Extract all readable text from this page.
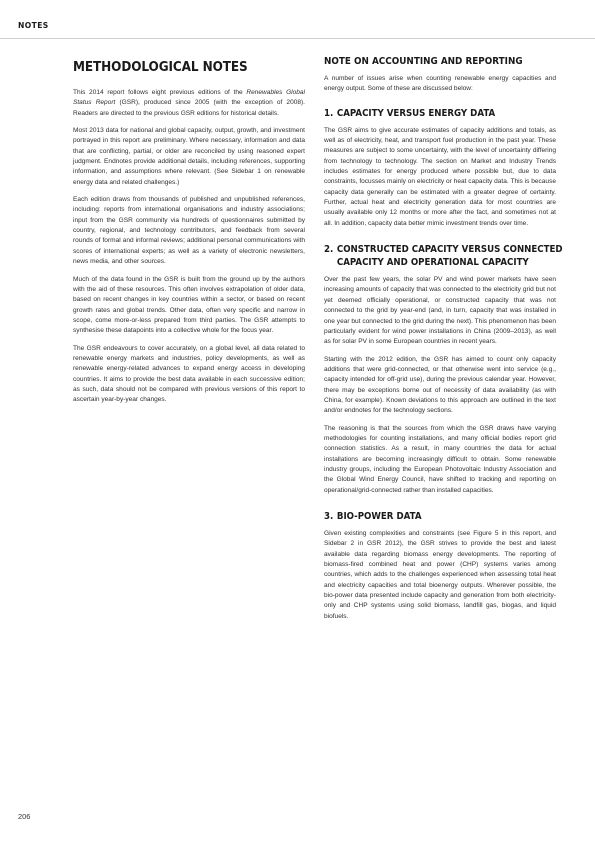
NOTES
METHODOLOGICAL NOTES

This 2014 report follows eight previous editions of the Renewables Global Status Report (GSR), produced since 2005 (with the exception of 2008). Readers are directed to the previous GSR editions for historical details.

Most 2013 data for national and global capacity, output, growth, and investment portrayed in this report are preliminary. Where necessary, information and data that are conflicting, partial, or older are reconciled by using reasoned expert judgment. Endnotes provide additional details, including references, supporting information, and assumptions where relevant. (See Sidebar 1 on renewable energy data and related challenges.)

Each edition draws from thousands of published and unpublished references, including: reports from international organisations and industry associations; input from the GSR community via hundreds of questionnaires submitted by country, regional, and technology contributors, and feedback from several rounds of formal and informal reviews; additional personal communications with scores of international experts; as well as a variety of electronic newsletters, news media, and other sources.

Much of the data found in the GSR is built from the ground up by the authors with the aid of these resources. This often involves extrapolation of older data, based on recent changes in key countries within a sector, or based on recent growth rates and global trends. Other data, often very specific and narrow in scope, come more-or-less prepared from third parties. The GSR attempts to synthesise these datapoints into a collective whole for the focus year.

The GSR endeavours to cover accurately, on a global level, all data related to renewable energy markets and industries, policy developments, as well as renewable energy-related advances to expand energy access in developing countries. It aims to provide the best data available in each successive edition; as such, data should not be compared with previous versions of this report to ascertain year-by-year changes.

NOTE ON ACCOUNTING AND REPORTING

A number of issues arise when counting renewable energy capacities and energy output. Some of these are discussed below:

1. CAPACITY VERSUS ENERGY DATA

The GSR aims to give accurate estimates of capacity additions and totals, as well as of electricity, heat, and transport fuel production in the past year. These measures are subject to some uncertainty, with the level of uncertainty differing from technology to technology. The section on Market and Industry Trends includes estimates for energy produced where possible but, due to data constraints, focusses mainly on electricity or heat capacity data. This is because capacity data generally can be estimated with a greater degree of certainty. Further, actual heat and electricity generation data for most countries are usually available only 12 months or more after the fact, and sometimes not at all. In addition, capacity data better mimic investment trends over time.

2. CONSTRUCTED CAPACITY VERSUS CONNECTED
CAPACITY AND OPERATIONAL CAPACITY

Over the past few years, the solar PV and wind power markets have seen increasing amounts of capacity that was connected to the electricity grid but not yet deemed officially operational, or constructed capacity that was not connected to the grid by year-end (and, in turn, capacity that was installed in one year but connected to the grid during the next). This phenomenon has been particularly evident for wind power installations in China (2009–2013), as well as for solar PV in some European countries in recent years.

Starting with the 2012 edition, the GSR has aimed to count only capacity additions that were grid-connected, or that otherwise went into service (e.g., capacity intended for off-grid use), during the previous calendar year. However, there may be exceptions borne out of necessity of data availability (as with China, for example). Known deviations to this approach are outlined in the text and/or endnotes for the technology sections.

The reasoning is that the sources from which the GSR draws have varying methodologies for counting installations, and many official bodies report grid connection statistics. As a result, in many countries the data for actual installations are becoming increasingly difficult to obtain. Some renewable industry groups, including the European Photovoltaic Industry Association and the Global Wind Energy Council, have shifted to tracking and reporting on operational/grid-connected rather than installed capacities.

3. BIO-POWER DATA

Given existing complexities and constraints (see Figure 5 in this report, and Sidebar 2 in GSR 2012), the GSR strives to provide the best and latest available data regarding biomass energy developments. The reporting of biomass-fired combined heat and power (CHP) systems varies among countries, which adds to the challenges experienced when assessing total heat and electricity capacities and total bioenergy outputs. Wherever possible, the bio-power data presented include capacity and generation from both electricity-only and CHP systems using solid biomass, landfill gas, biogas, and liquid biofuels.

206
